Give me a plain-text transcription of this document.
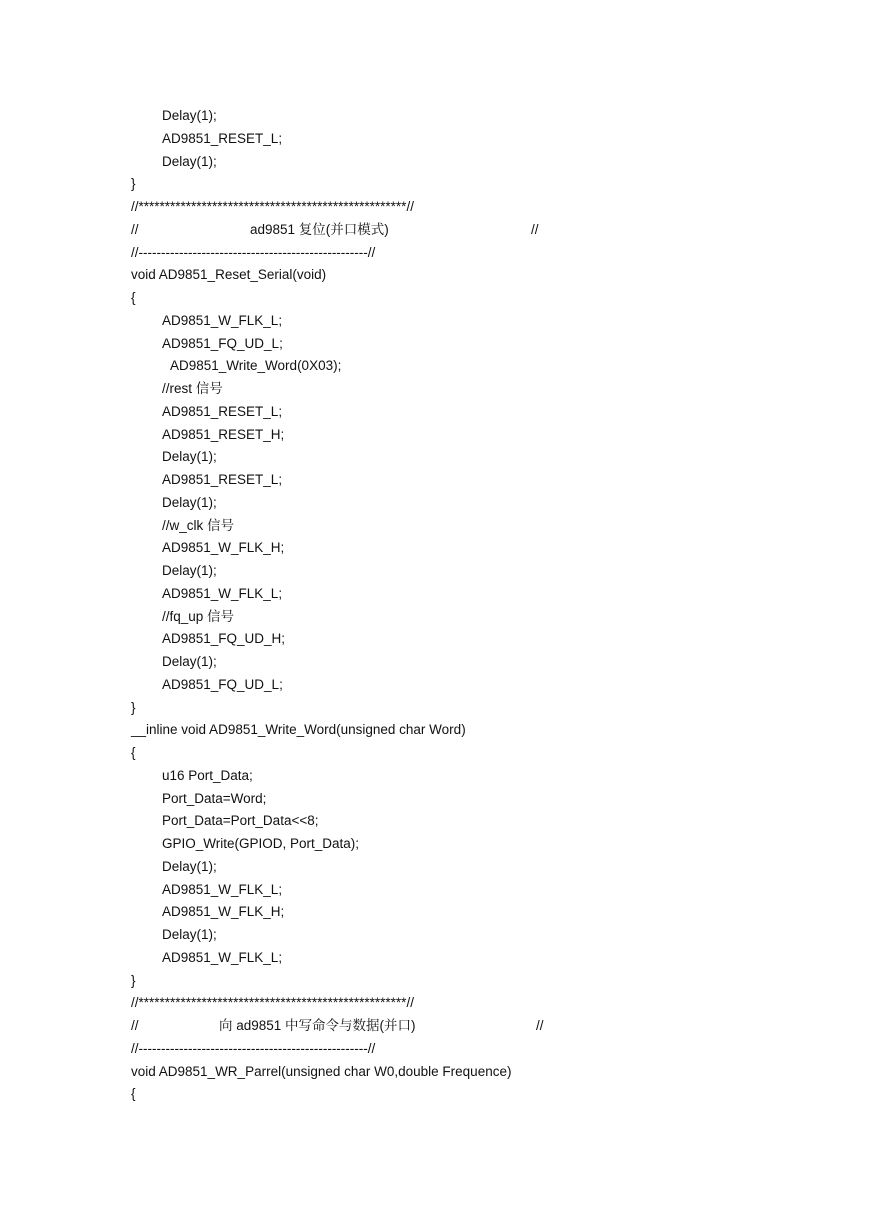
Delay(1);

AD9851_RESET_L;

Delay(1);

}

//***************************************************//

//

	ad9851 复位(并口模式)

	//

//---------------------------------------------------//

void AD9851_Reset_Serial(void)

{

AD9851_W_FLK_L;

AD9851_FQ_UD_L;

AD9851_Write_Word(0X03);

//rest 信号

AD9851_RESET_L;

AD9851_RESET_H;

Delay(1);

AD9851_RESET_L;

Delay(1);

//w_clk 信号

AD9851_W_FLK_H;

Delay(1);

AD9851_W_FLK_L;

//fq_up 信号

AD9851_FQ_UD_H;

Delay(1);

AD9851_FQ_UD_L;

}

__inline void AD9851_Write_Word(unsigned char Word)

{

u16 Port_Data;

Port_Data=Word;

Port_Data=Port_Data<<8;

GPIO_Write(GPIOD, Port_Data);

Delay(1);

AD9851_W_FLK_L;

AD9851_W_FLK_H;

Delay(1);

AD9851_W_FLK_L;

}

//***************************************************//

//

	向 ad9851 中写命令与数据(并口)

	//

//---------------------------------------------------//

void AD9851_WR_Parrel(unsigned char W0,double Frequence)

{
